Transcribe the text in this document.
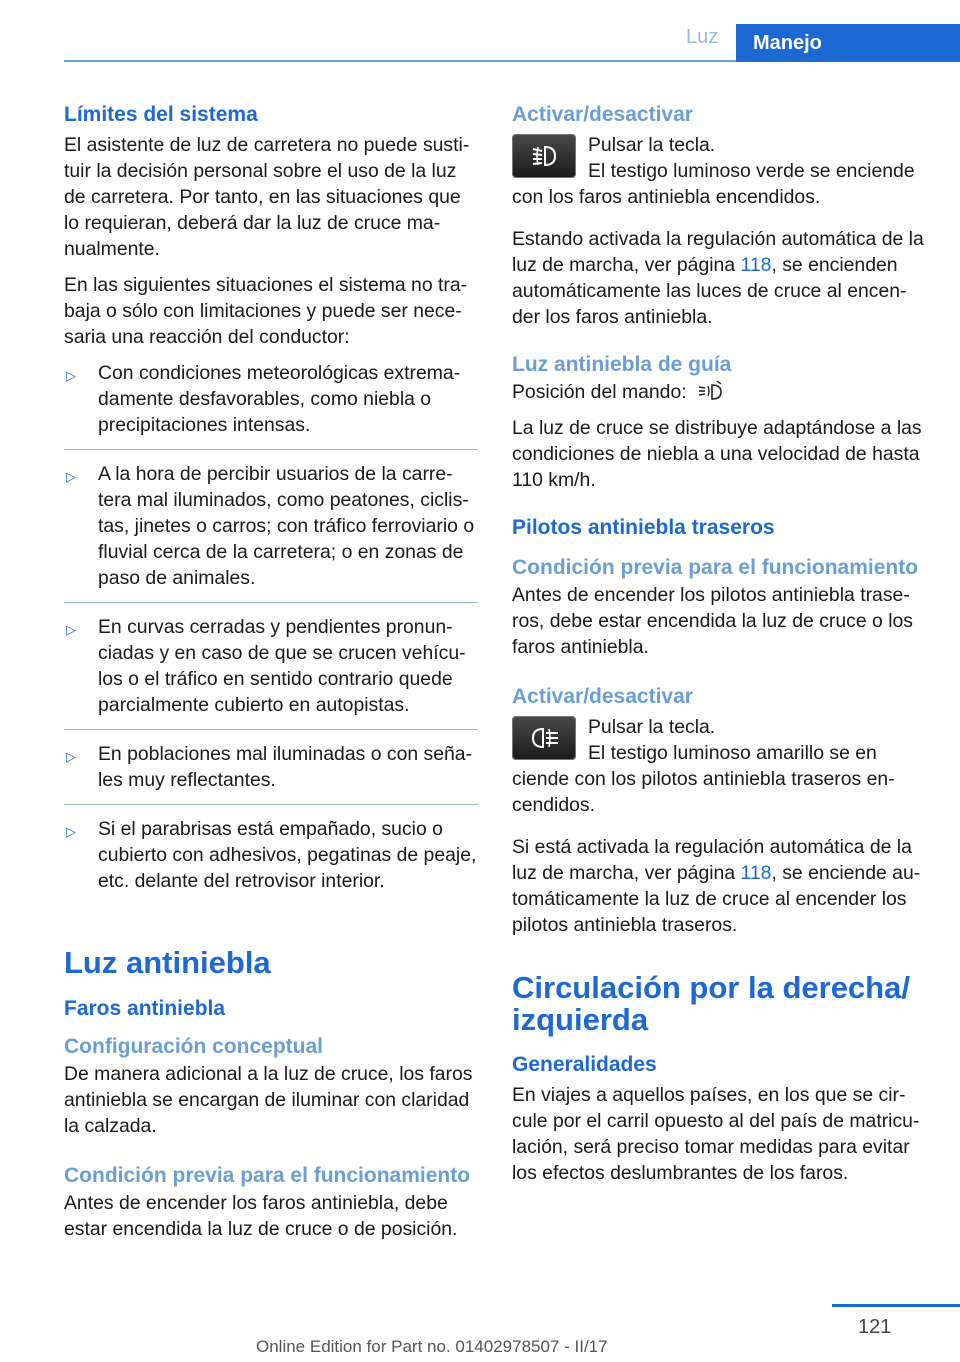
Luz	Manejo
Límites del sistema

El asistente de luz de carretera no puede sustituir la decisión personal sobre el uso de la luz de carretera. Por tanto, en las situaciones que lo requieran, deberá dar la luz de cruce manualmente.

En las siguientes situaciones el sistema no trabaja o sólo con limitaciones y puede ser necesaria una reacción del conductor:

▷ Con condiciones meteorológicas extremadamente desfavorables, como niebla o precipitaciones intensas.
▷ A la hora de percibir usuarios de la carretera mal iluminados, como peatones, ciclistas, jinetes o carros; con tráfico ferroviario o fluvial cerca de la carretera; o en zonas de paso de animales.
▷ En curvas cerradas y pendientes pronunciadas y en caso de que se crucen vehículos o el tráfico en sentido contrario quede parcialmente cubierto en autopistas.
▷ En poblaciones mal iluminadas o con señales muy reflectantes.
▷ Si el parabrisas está empañado, sucio o cubierto con adhesivos, pegatinas de peaje, etc. delante del retrovisor interior.
Luz antiniebla
Faros antiniebla
Configuración conceptual

De manera adicional a la luz de cruce, los faros antiniebla se encargan de iluminar con claridad la calzada.

Condición previa para el funcionamiento

Antes de encender los faros antiniebla, debe estar encendida la luz de cruce o de posición.

Activar/desactivar
Pulsar la tecla.
El testigo luminoso verde se enciende

con los faros antiniebla encendidos.

Estando activada la regulación automática de la luz de marcha, ver página 118, se encienden automáticamente las luces de cruce al encender los faros antiniebla.

Luz antiniebla de guía

Posición del mando:

La luz de cruce se distribuye adaptándose a las condiciones de niebla a una velocidad de hasta 110 km/h.

Pilotos antiniebla traseros
Condición previa para el funcionamiento

Antes de encender los pilotos antiniebla traseros, debe estar encendida la luz de cruce o los faros antiniebla.

Activar/desactivar
Pulsar la tecla.
El testigo luminoso amarillo se en

ciende con los pilotos antiniebla traseros encendidos.

Si está activada la regulación automática de la luz de marcha, ver página 118, se enciende automáticamente la luz de cruce al encender los pilotos antiniebla traseros.

Circulación por la derecha/ izquierda
Generalidades

En viajes a aquellos países, en los que se circule por el carril opuesto al del país de matriculación, será preciso tomar medidas para evitar los efectos deslumbrantes de los faros.

121
Online Edition for Part no. 01402978507 - II/17
